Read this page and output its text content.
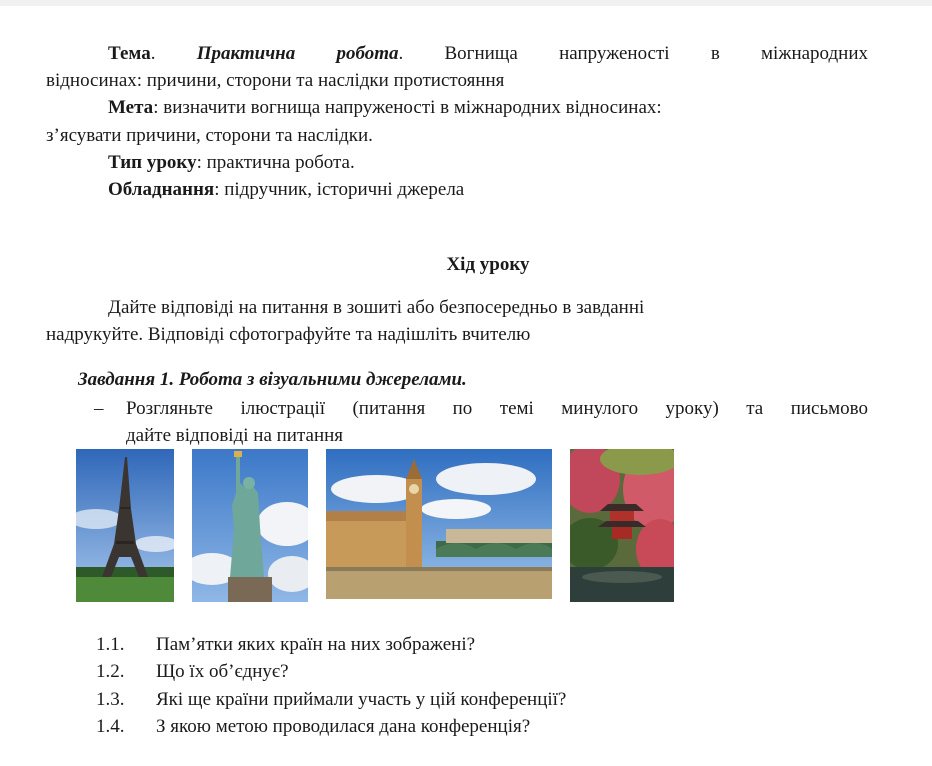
Тема. Практична робота. Вогнища напруженості в міжнародних
відносинах: причини, сторони та наслідки протистояння
Мета: визначити вогнища напруженості в міжнародних відносинах:
з’ясувати причини, сторони та наслідки.
Тип уроку: практична робота.
Обладнання: підручник, історичні джерела
Хід уроку
Дайте відповіді на питання в зошиті або безпосередньо в завданні
надрукуйте. Відповіді сфотографуйте та надішліть вчителю
Завдання 1. Робота з візуальними джерелами.
– Розгляньте ілюстрації (питання по темі минулого уроку) та письмово
дайте відповіді на питання
1.1. Пам’ятки яких країн на них зображені?
1.2. Що їх об’єднує?
1.3. Які ще країни приймали участь у цій конференції?
1.4. З якою метою проводилася дана конференція?
